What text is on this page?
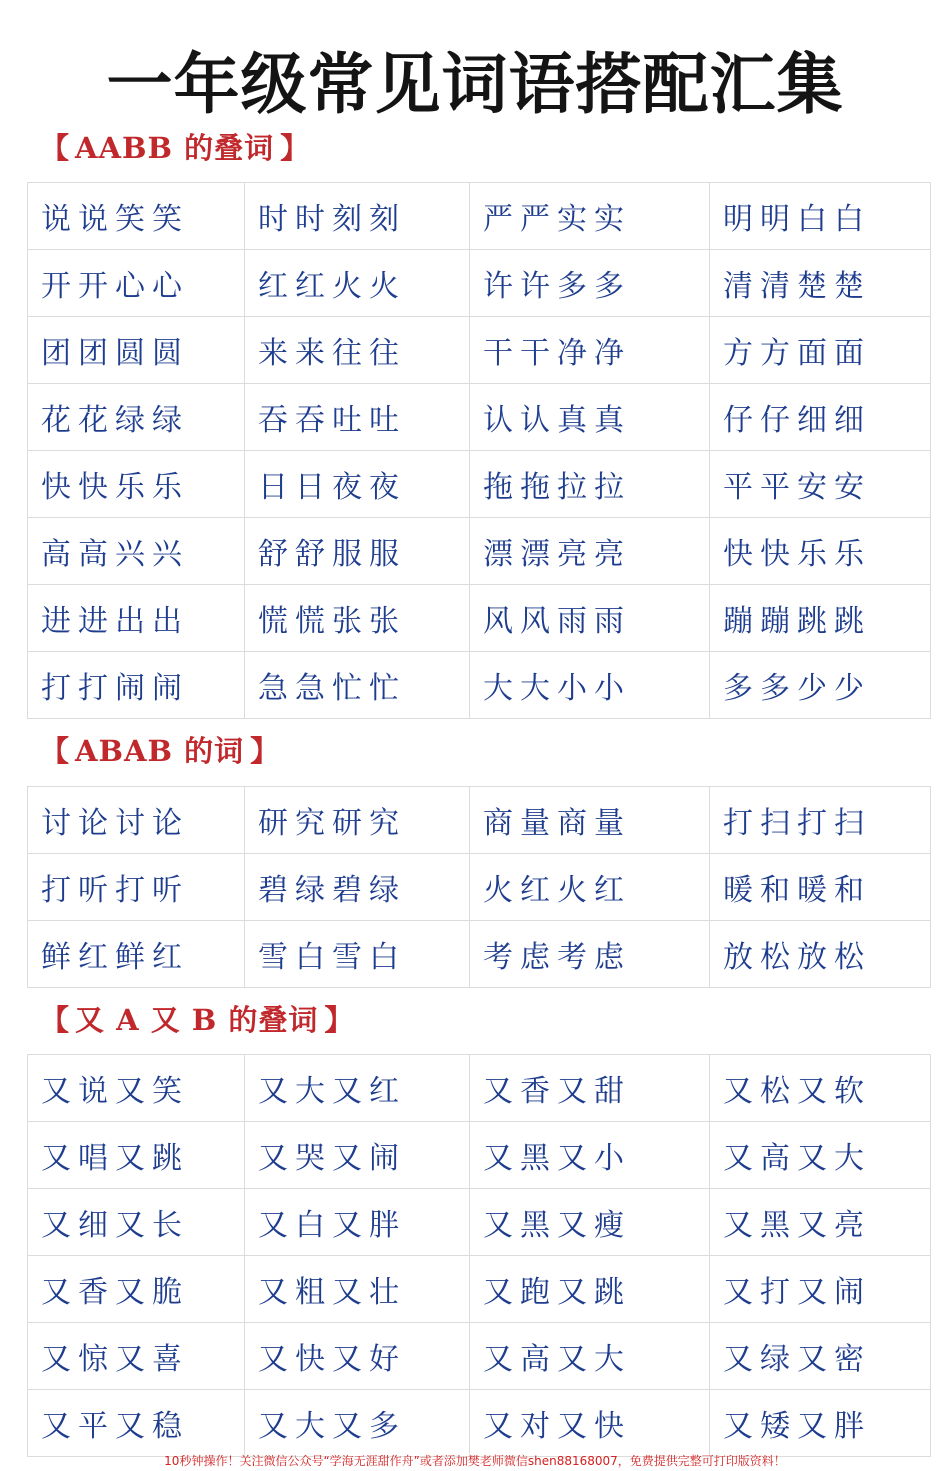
一年级常见词语搭配汇集
【 AABB 的叠词 】
说说笑笑	时时刻刻	严严实实	明明白白
开开心心	红红火火	许许多多	清清楚楚
团团圆圆	来来往往	干干净净	方方面面
花花绿绿	吞吞吐吐	认认真真	仔仔细细
快快乐乐	日日夜夜	拖拖拉拉	平平安安
高高兴兴	舒舒服服	漂漂亮亮	快快乐乐
进进出出	慌慌张张	风风雨雨	蹦蹦跳跳
打打闹闹	急急忙忙	大大小小	多多少少
【 ABAB 的词 】
讨论讨论	研究研究	商量商量	打扫打扫
打听打听	碧绿碧绿	火红火红	暖和暖和
鲜红鲜红	雪白雪白	考虑考虑	放松放松
【 又 A 又 B 的叠词 】
又说又笑	又大又红	又香又甜	又松又软
又唱又跳	又哭又闹	又黑又小	又高又大
又细又长	又白又胖	又黑又瘦	又黑又亮
又香又脆	又粗又壮	又跑又跳	又打又闹
又惊又喜	又快又好	又高又大	又绿又密
又平又稳	又大又多	又对又快	又矮又胖
10秒钟操作！关注微信公众号“学海无涯甜作舟”或者添加樊老师微信shen88168007，免费提供完整可打印版资料！
